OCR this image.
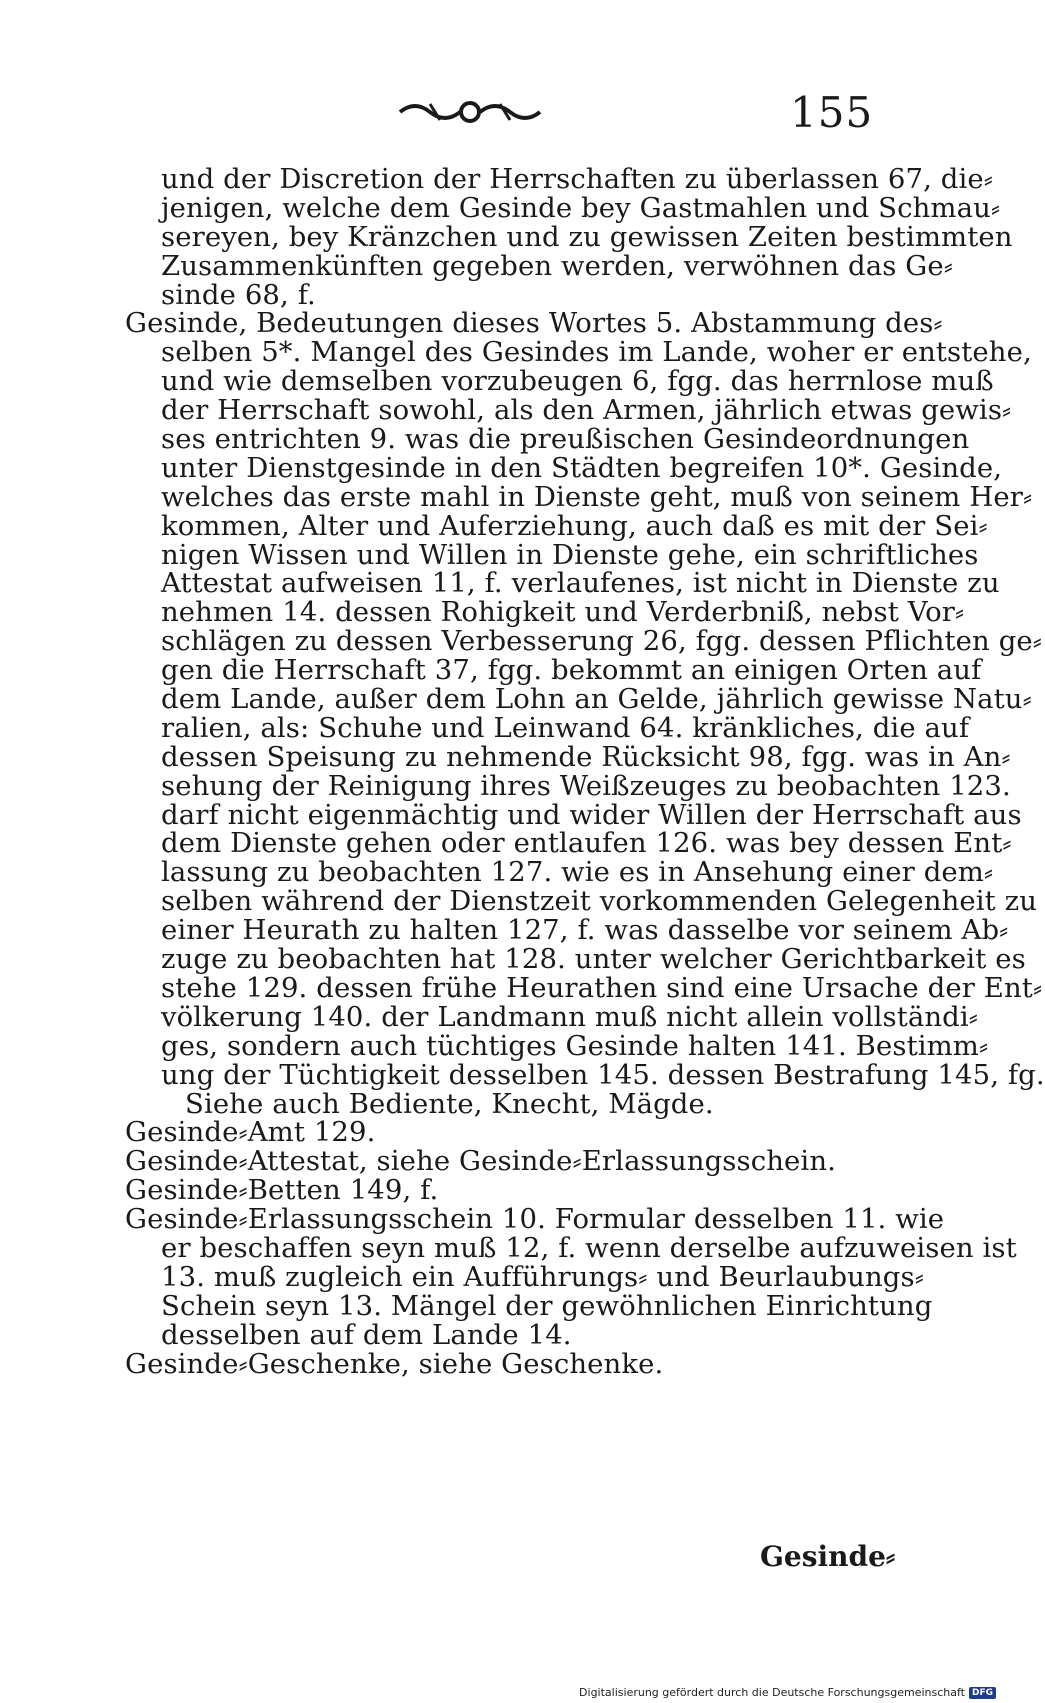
155
und der Discretion der Herrschaften zu überlassen 67, die⸗
jenigen, welche dem Gesinde bey Gastmahlen und Schmau⸗
sereyen, bey Kränzchen und zu gewissen Zeiten bestimmten
Zusammenkünften gegeben werden, verwöhnen das Ge⸗
sinde 68, f.
Gesinde, Bedeutungen dieses Wortes 5. Abstammung des⸗
selben 5*. Mangel des Gesindes im Lande, woher er entstehe,
und wie demselben vorzubeugen 6, fgg. das herrnlose muß
der Herrschaft sowohl, als den Armen, jährlich etwas gewis⸗
ses entrichten 9. was die preußischen Gesindeordnungen
unter Dienstgesinde in den Städten begreifen 10*. Gesinde,
welches das erste mahl in Dienste geht, muß von seinem Her⸗
kommen, Alter und Auferziehung, auch daß es mit der Sei⸗
nigen Wissen und Willen in Dienste gehe, ein schriftliches
Attestat aufweisen 11, f. verlaufenes, ist nicht in Dienste zu
nehmen 14. dessen Rohigkeit und Verderbniß, nebst Vor⸗
schlägen zu dessen Verbesserung 26, fgg. dessen Pflichten ge⸗
gen die Herrschaft 37, fgg. bekommt an einigen Orten auf
dem Lande, außer dem Lohn an Gelde, jährlich gewisse Natu⸗
ralien, als: Schuhe und Leinwand 64. kränkliches, die auf
dessen Speisung zu nehmende Rücksicht 98, fgg. was in An⸗
sehung der Reinigung ihres Weißzeuges zu beobachten 123.
darf nicht eigenmächtig und wider Willen der Herrschaft aus
dem Dienste gehen oder entlaufen 126. was bey dessen Ent⸗
lassung zu beobachten 127. wie es in Ansehung einer dem⸗
selben während der Dienstzeit vorkommenden Gelegenheit zu
einer Heurath zu halten 127, f. was dasselbe vor seinem Ab⸗
zuge zu beobachten hat 128. unter welcher Gerichtbarkeit es
stehe 129. dessen frühe Heurathen sind eine Ursache der Ent⸗
völkerung 140. der Landmann muß nicht allein vollständi⸗
ges, sondern auch tüchtiges Gesinde halten 141. Bestimm⸗
ung der Tüchtigkeit desselben 145. dessen Bestrafung 145, fg.
Siehe auch Bediente, Knecht, Mägde.
Gesinde⸗Amt 129.
Gesinde⸗Attestat, siehe Gesinde⸗Erlassungsschein.
Gesinde⸗Betten 149, f.
Gesinde⸗Erlassungsschein 10. Formular desselben 11. wie
er beschaffen seyn muß 12, f. wenn derselbe aufzuweisen ist
13. muß zugleich ein Aufführungs⸗ und Beurlaubungs⸗
Schein seyn 13. Mängel der gewöhnlichen Einrichtung
desselben auf dem Lande 14.
Gesinde⸗Geschenke, siehe Geschenke.
Gesinde⸗
Digitalisierung gefördert durch die Deutsche Forschungsgemeinschaft DFG
